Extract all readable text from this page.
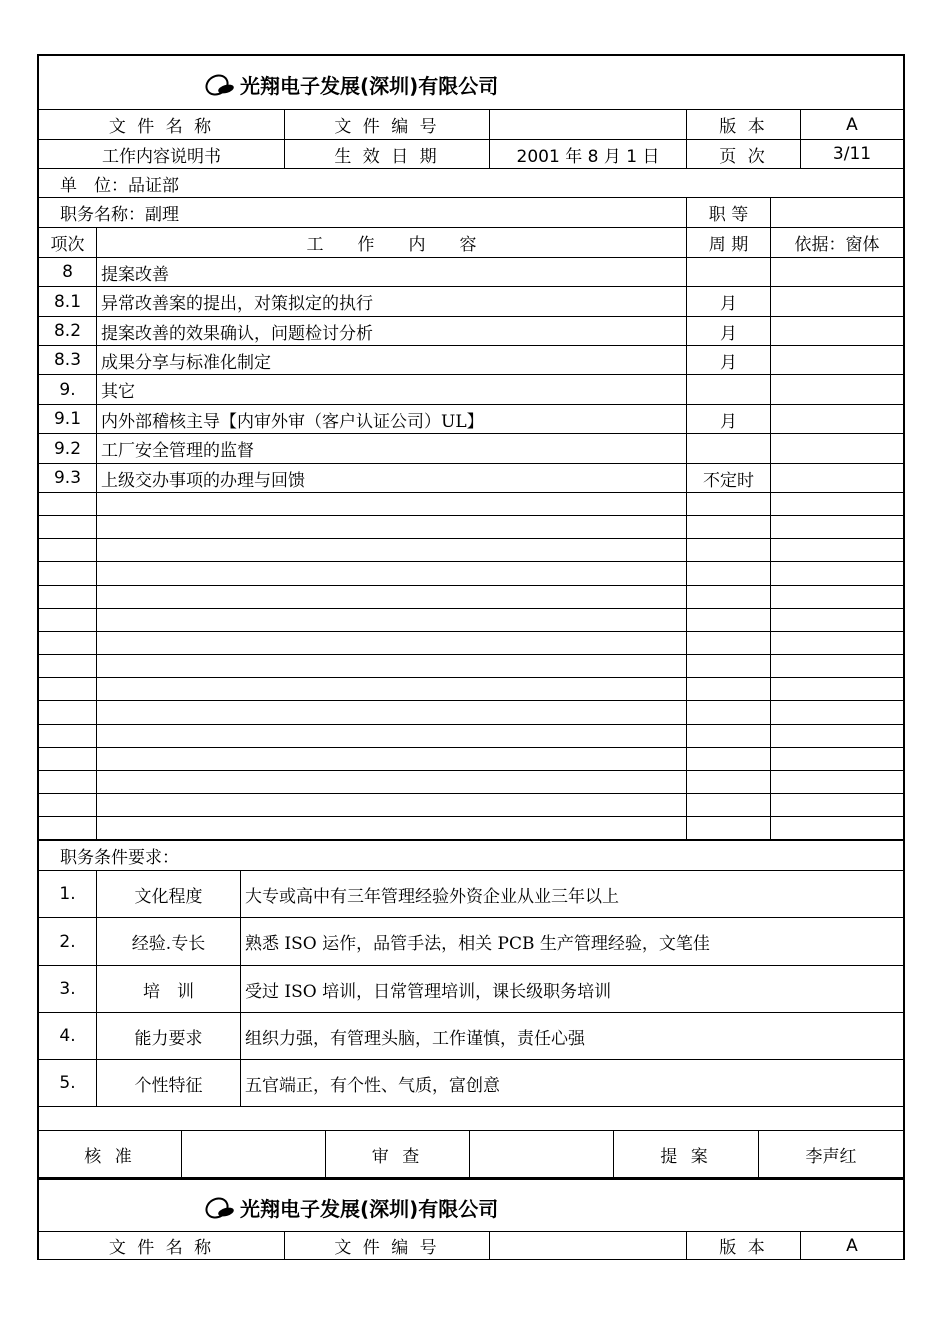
光翔电子发展(深圳)有限公司
文 件 名 称	文 件 编 号	版 本	A
工作内容说明书	生 效 日 期	2001 年 8 月 1 日	页 次	3/11
单　位：品证部
职务名称：副理	职 等
项次	工　　作　　内　　容	周 期	依据：窗体
8	提案改善
8.1	异常改善案的提出，对策拟定的执行	月
8.2	提案改善的效果确认，问题检讨分析	月
8.3	成果分享与标准化制定	月
9.	其它
9.1	内外部稽核主导【内审外审（客户认证公司）UL】	月
9.2	工厂安全管理的监督
9.3	上级交办事项的办理与回馈	不定时
职务条件要求：
1.	文化程度	大专或高中有三年管理经验外资企业从业三年以上
2.	经验.专长	熟悉 ISO 运作，品管手法，相关 PCB 生产管理经验，文笔佳
3.	培　训	受过 ISO 培训，日常管理培训，课长级职务培训
4.	能力要求	组织力强，有管理头脑，工作谨慎，责任心强
5.	个性特征	五官端正，有个性、气质，富创意
核 准	审 查	提 案	李声红
光翔电子发展(深圳)有限公司
文 件 名 称	文 件 编 号	版 本	A
